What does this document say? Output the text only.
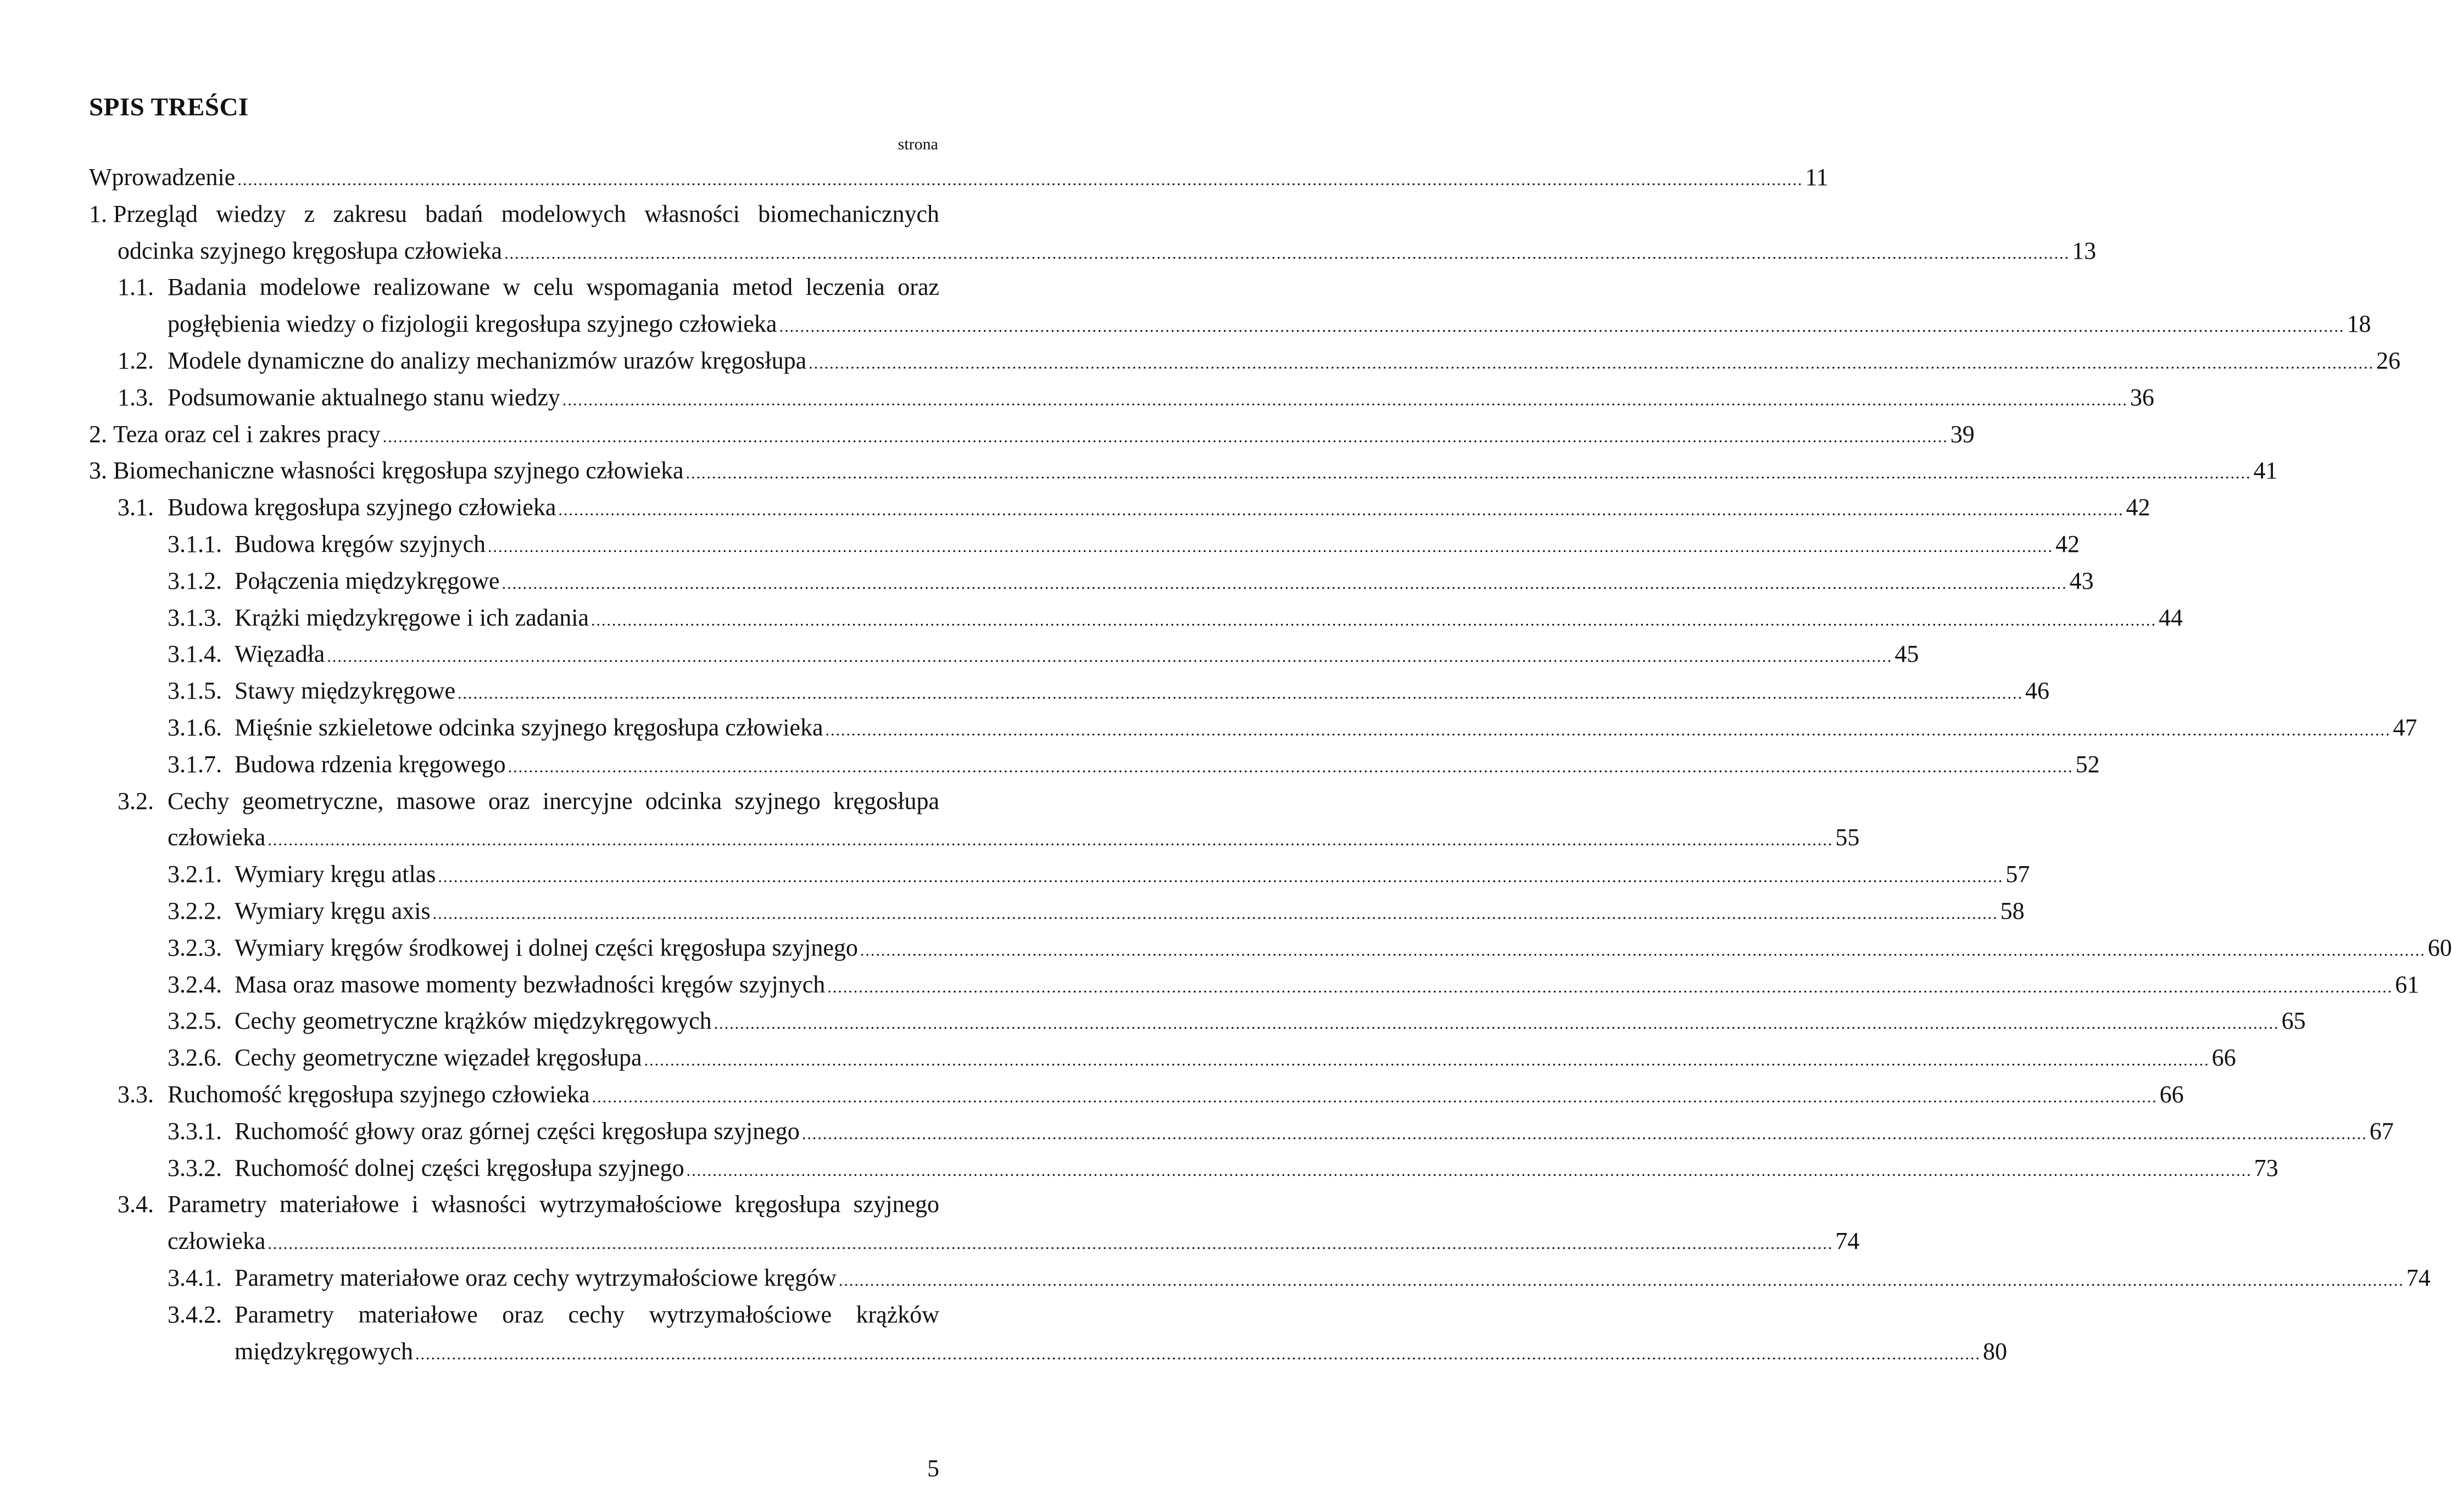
SPIS TREŚCI
strona
Wprowadzenie ............................................................................................................................................................................................................................................................................................................ 11
1. Przegląd wiedzy z zakresu badań modelowych własności biomechanicznych
odcinka szyjnego kręgosłupa człowieka ............................................................................................................................................................................................................................................................................................................ 13
1.1. Badania modelowe realizowane w celu wspomagania metod leczenia oraz
pogłębienia wiedzy o fizjologii kregosłupa szyjnego człowieka ............................................................................................................................................................................................................................................................................................................ 18
1.2. Modele dynamiczne do analizy mechanizmów urazów kręgosłupa ............................................................................................................................................................................................................................................................................................................ 26
1.3. Podsumowanie aktualnego stanu wiedzy ............................................................................................................................................................................................................................................................................................................ 36
2. Teza oraz cel i zakres pracy ............................................................................................................................................................................................................................................................................................................ 39
3. Biomechaniczne własności kręgosłupa szyjnego człowieka ............................................................................................................................................................................................................................................................................................................ 41
3.1. Budowa kręgosłupa szyjnego człowieka ............................................................................................................................................................................................................................................................................................................ 42
3.1.1. Budowa kręgów szyjnych ............................................................................................................................................................................................................................................................................................................ 42
3.1.2. Połączenia międzykręgowe ............................................................................................................................................................................................................................................................................................................ 43
3.1.3. Krążki międzykręgowe i ich zadania ............................................................................................................................................................................................................................................................................................................ 44
3.1.4. Więzadła ............................................................................................................................................................................................................................................................................................................ 45
3.1.5. Stawy międzykręgowe ............................................................................................................................................................................................................................................................................................................ 46
3.1.6. Mięśnie szkieletowe odcinka szyjnego kręgosłupa człowieka ............................................................................................................................................................................................................................................................................................................ 47
3.1.7. Budowa rdzenia kręgowego ............................................................................................................................................................................................................................................................................................................ 52
3.2. Cechy geometryczne, masowe oraz inercyjne odcinka szyjnego kręgosłupa
człowieka ............................................................................................................................................................................................................................................................................................................ 55
3.2.1. Wymiary kręgu atlas ............................................................................................................................................................................................................................................................................................................ 57
3.2.2. Wymiary kręgu axis ............................................................................................................................................................................................................................................................................................................ 58
3.2.3. Wymiary kręgów środkowej i dolnej części kręgosłupa szyjnego ............................................................................................................................................................................................................................................................................................................ 60
3.2.4. Masa oraz masowe momenty bezwładności kręgów szyjnych ............................................................................................................................................................................................................................................................................................................ 61
3.2.5. Cechy geometryczne krążków międzykręgowych ............................................................................................................................................................................................................................................................................................................ 65
3.2.6. Cechy geometryczne więzadeł kręgosłupa ............................................................................................................................................................................................................................................................................................................ 66
3.3. Ruchomość kręgosłupa szyjnego człowieka ............................................................................................................................................................................................................................................................................................................ 66
3.3.1. Ruchomość głowy oraz górnej części kręgosłupa szyjnego ............................................................................................................................................................................................................................................................................................................ 67
3.3.2. Ruchomość dolnej części kręgosłupa szyjnego ............................................................................................................................................................................................................................................................................................................ 73
3.4. Parametry materiałowe i własności wytrzymałościowe kręgosłupa szyjnego
człowieka ............................................................................................................................................................................................................................................................................................................ 74
3.4.1. Parametry materiałowe oraz cechy wytrzymałościowe kręgów ............................................................................................................................................................................................................................................................................................................ 74
3.4.2. Parametry materiałowe oraz cechy wytrzymałościowe krążków
międzykręgowych ............................................................................................................................................................................................................................................................................................................ 80
5
